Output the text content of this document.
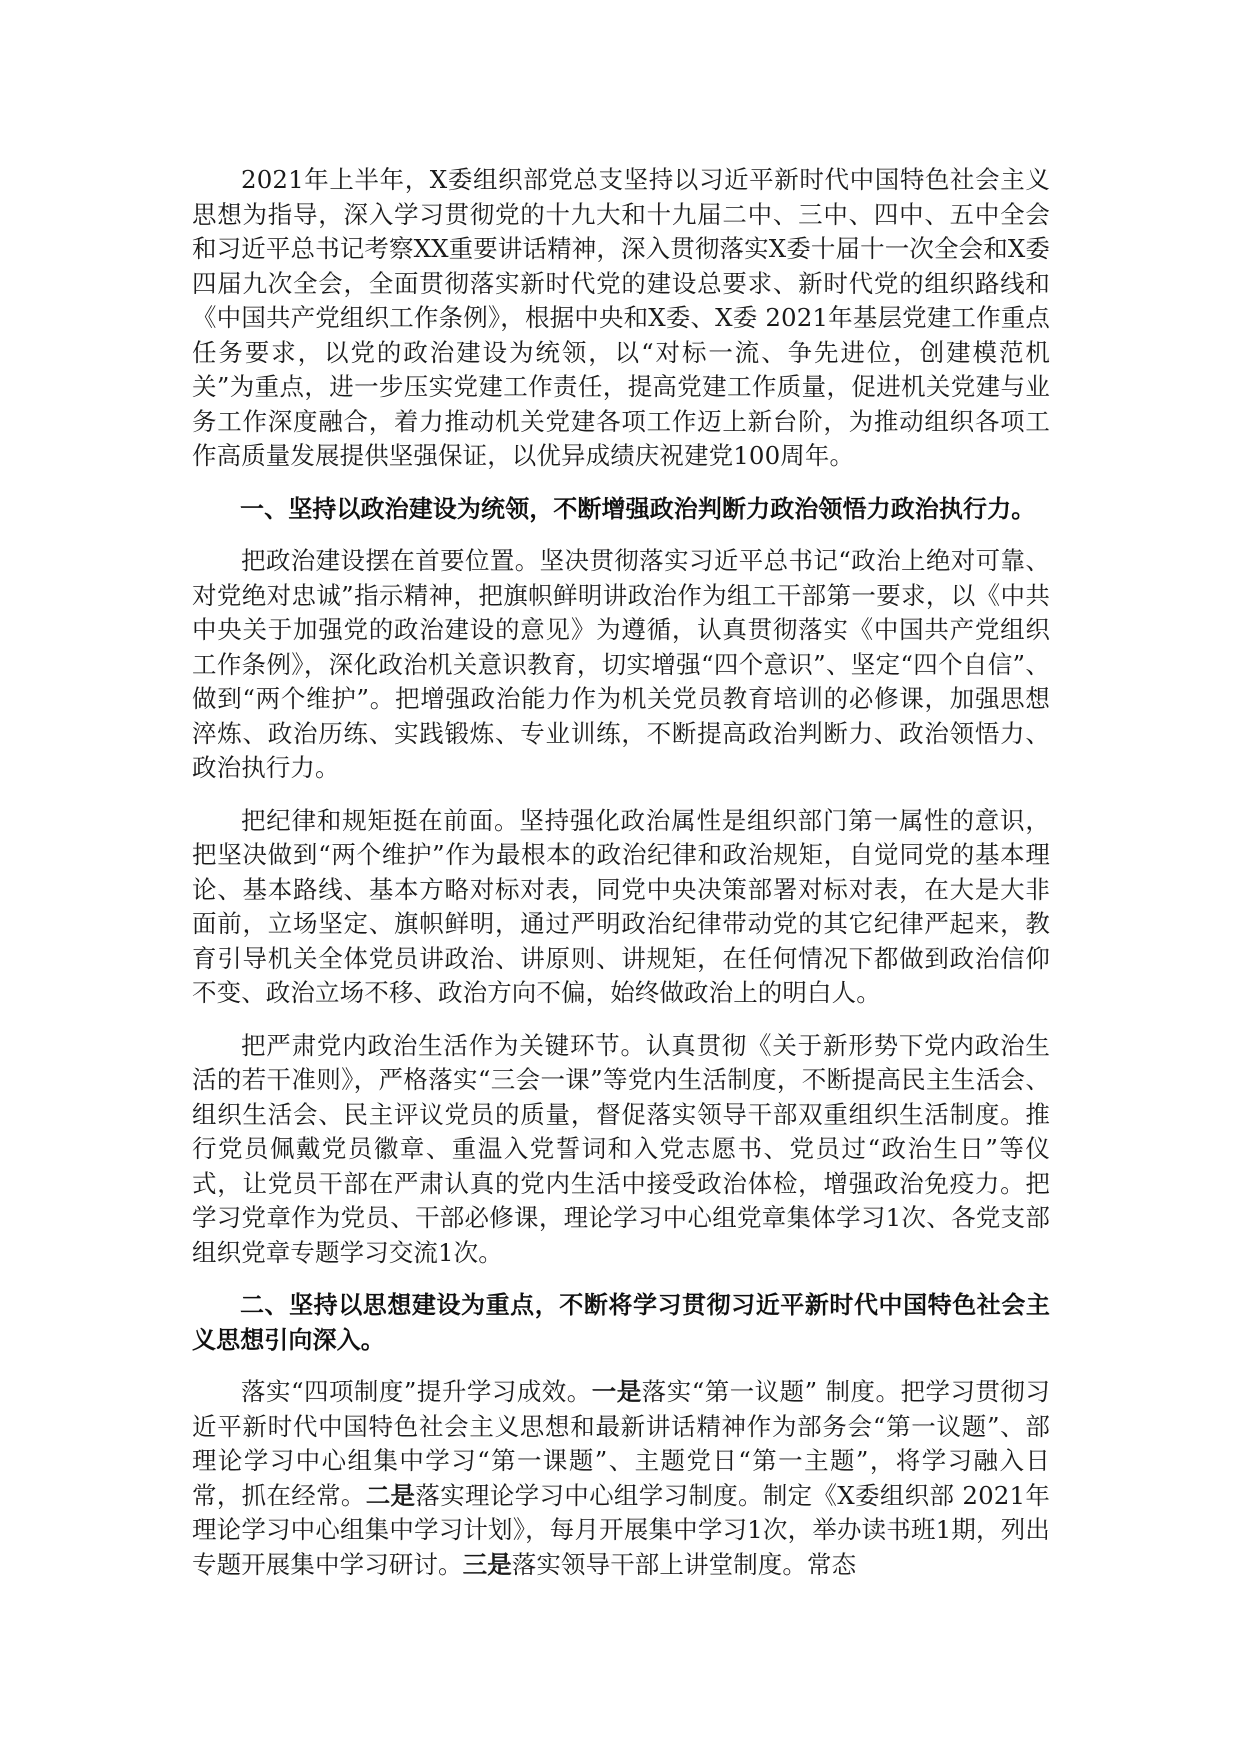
2021年上半年，X委组织部党总支坚持以习近平新时代中国特色社会主义思想为指导，深入学习贯彻党的十九大和十九届二中、三中、四中、五中全会和习近平总书记考察XX重要讲话精神，深入贯彻落实X委十届十一次全会和X委四届九次全会，全面贯彻落实新时代党的建设总要求、新时代党的组织路线和《中国共产党组织工作条例》，根据中央和X委、X委 2021年基层党建工作重点任务要求，以党的政治建设为统领，以“对标一流、争先进位，创建模范机关”为重点，进一步压实党建工作责任，提高党建工作质量，促进机关党建与业务工作深度融合，着力推动机关党建各项工作迈上新台阶，为推动组织各项工作高质量发展提供坚强保证，以优异成绩庆祝建党100周年。

一、坚持以政治建设为统领，不断增强政治判断力政治领悟力政治执行力。

把政治建设摆在首要位置。坚决贯彻落实习近平总书记“政治上绝对可靠、对党绝对忠诚”指示精神，把旗帜鲜明讲政治作为组工干部第一要求，以《中共中央关于加强党的政治建设的意见》为遵循，认真贯彻落实《中国共产党组织工作条例》，深化政治机关意识教育，切实增强“四个意识”、坚定“四个自信”、做到“两个维护”。把增强政治能力作为机关党员教育培训的必修课，加强思想淬炼、政治历练、实践锻炼、专业训练，不断提高政治判断力、政治领悟力、政治执行力。

把纪律和规矩挺在前面。坚持强化政治属性是组织部门第一属性的意识，把坚决做到“两个维护”作为最根本的政治纪律和政治规矩，自觉同党的基本理论、基本路线、基本方略对标对表，同党中央决策部署对标对表，在大是大非面前，立场坚定、旗帜鲜明，通过严明政治纪律带动党的其它纪律严起来，教育引导机关全体党员讲政治、讲原则、讲规矩，在任何情况下都做到政治信仰不变、政治立场不移、政治方向不偏，始终做政治上的明白人。

把严肃党内政治生活作为关键环节。认真贯彻《关于新形势下党内政治生活的若干准则》，严格落实“三会一课”等党内生活制度，不断提高民主生活会、组织生活会、民主评议党员的质量，督促落实领导干部双重组织生活制度。推行党员佩戴党员徽章、重温入党誓词和入党志愿书、党员过“政治生日”等仪式，让党员干部在严肃认真的党内生活中接受政治体检，增强政治免疫力。把学习党章作为党员、干部必修课，理论学习中心组党章集体学习1次、各党支部组织党章专题学习交流1次。

二、坚持以思想建设为重点，不断将学习贯彻习近平新时代中国特色社会主义思想引向深入。

落实“四项制度”提升学习成效。一是落实“第一议题” 制度。把学习贯彻习近平新时代中国特色社会主义思想和最新讲话精神作为部务会“第一议题”、部理论学习中心组集中学习“第一课题”、主题党日“第一主题”，将学习融入日常，抓在经常。二是落实理论学习中心组学习制度。制定《X委组织部 2021年理论学习中心组集中学习计划》，每月开展集中学习1次，举办读书班1期，列出专题开展集中学习研讨。三是落实领导干部上讲堂制度。常态
